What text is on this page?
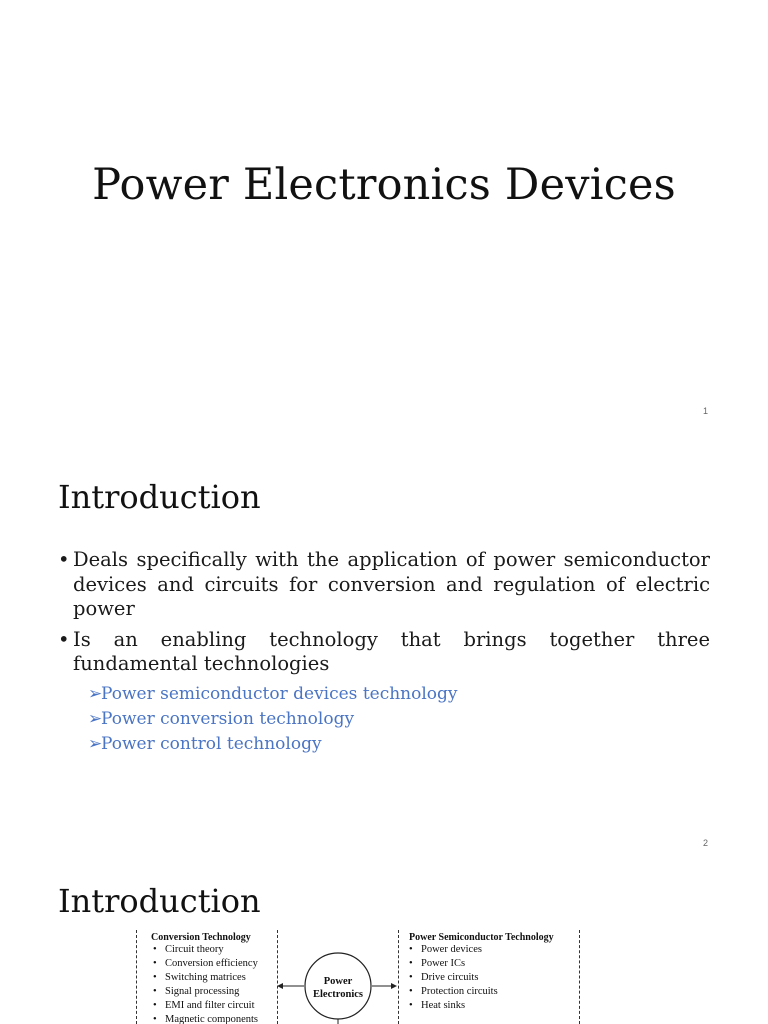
Power Electronics Devices
1
Introduction
• Deals specifically with the application of power semiconductor devices and circuits for conversion and regulation of electric power
• Is an enabling technology that brings together three fundamental technologies
➢Power semiconductor devices technology
➢Power conversion technology
➢Power control technology
2
Introduction
Conversion Technology
• Circuit theory
• Conversion efficiency
• Switching matrices
• Signal processing
• EMI and filter circuit
• Magnetic components
Power
Electronics
Power Semiconductor Technology
• Power devices
• Power ICs
• Drive circuits
• Protection circuits
• Heat sinks
